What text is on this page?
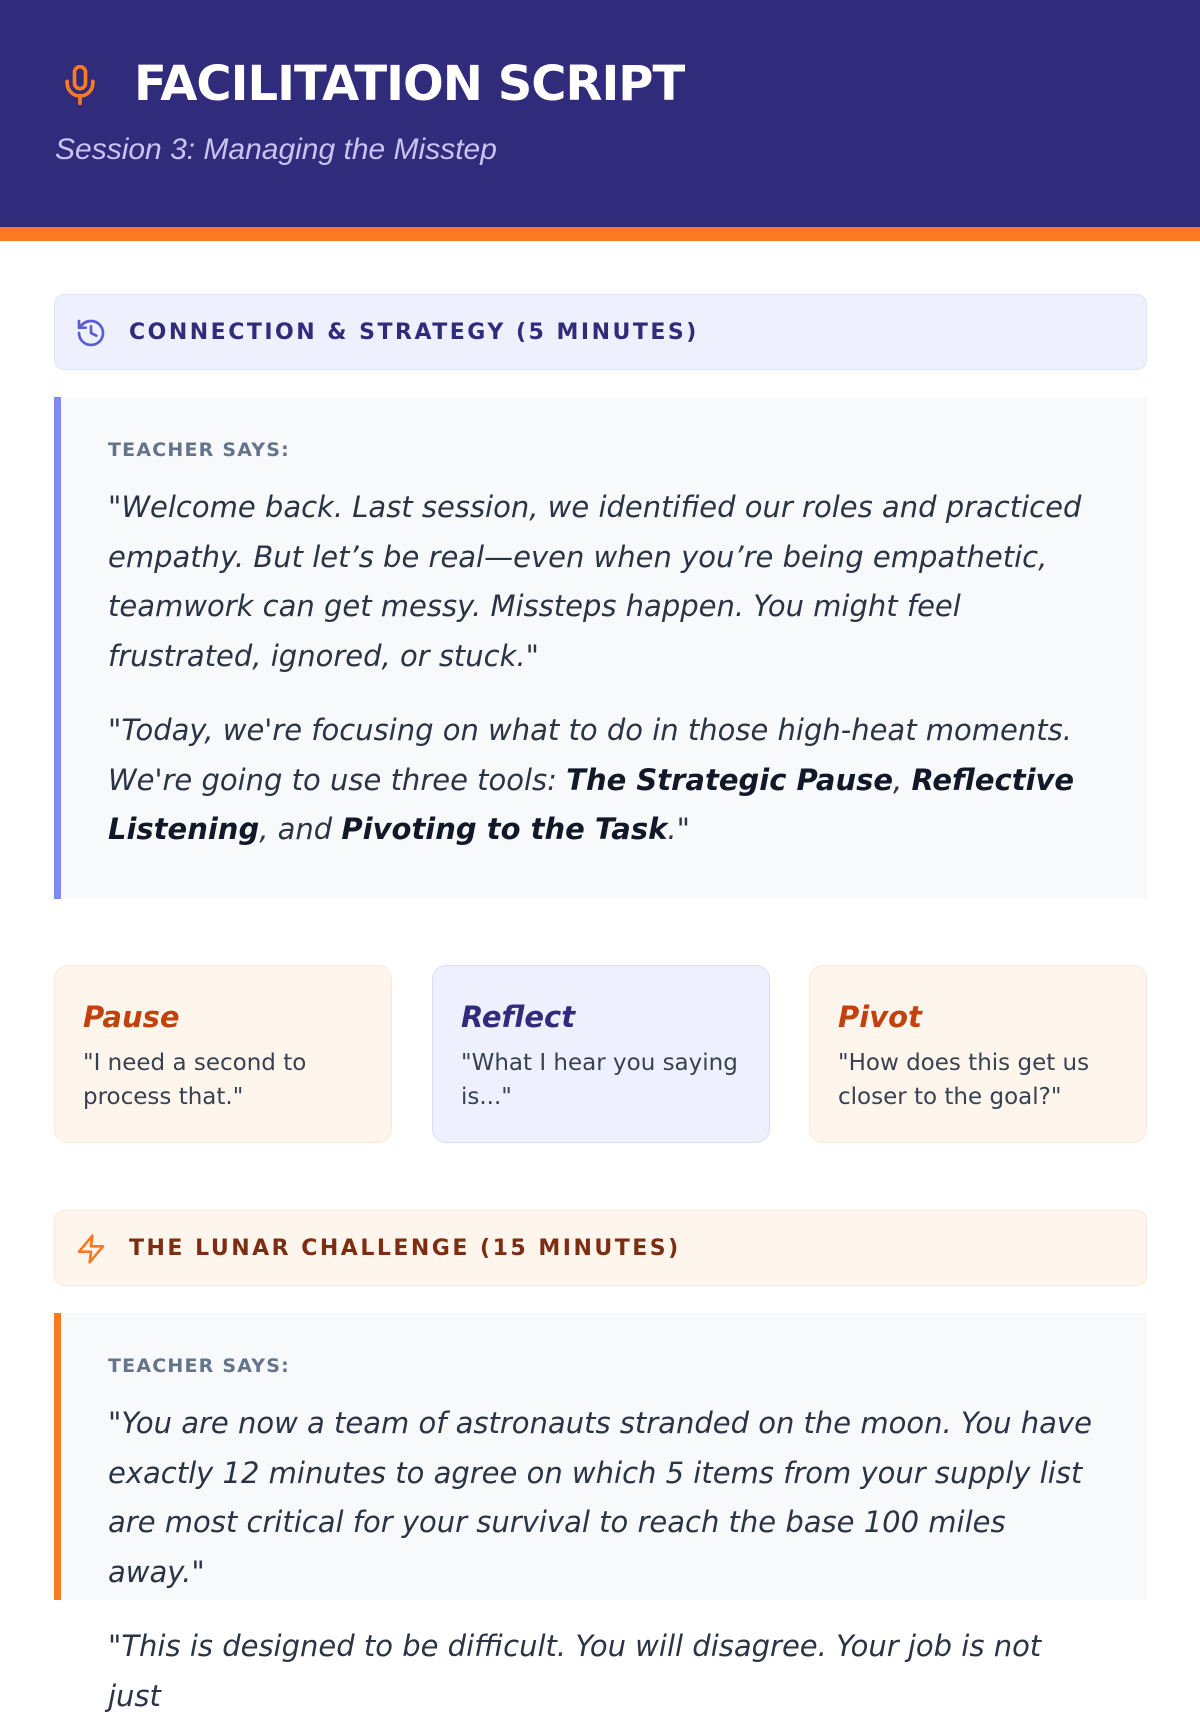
FACILITATION SCRIPT
Session 3: Managing the Misstep
CONNECTION & STRATEGY (5 MINUTES)
TEACHER SAYS:

"Welcome back. Last session, we identified our roles and practiced empathy. But let’s be real—even when you’re being empathetic, teamwork can get messy. Missteps happen. You might feel frustrated, ignored, or stuck."

"Today, we're focusing on what to do in those high-heat moments. We're going to use three tools: The Strategic Pause, Reflective Listening, and Pivoting to the Task."

Pause
"I need a second to process that."
Reflect
"What I hear you saying is..."
Pivot
"How does this get us closer to the goal?"
THE LUNAR CHALLENGE (15 MINUTES)
TEACHER SAYS:

"You are now a team of astronauts stranded on the moon. You have exactly 12 minutes to agree on which 5 items from your supply list are most critical for your survival to reach the base 100 miles away."

"This is designed to be difficult. You will disagree. Your job is not just
